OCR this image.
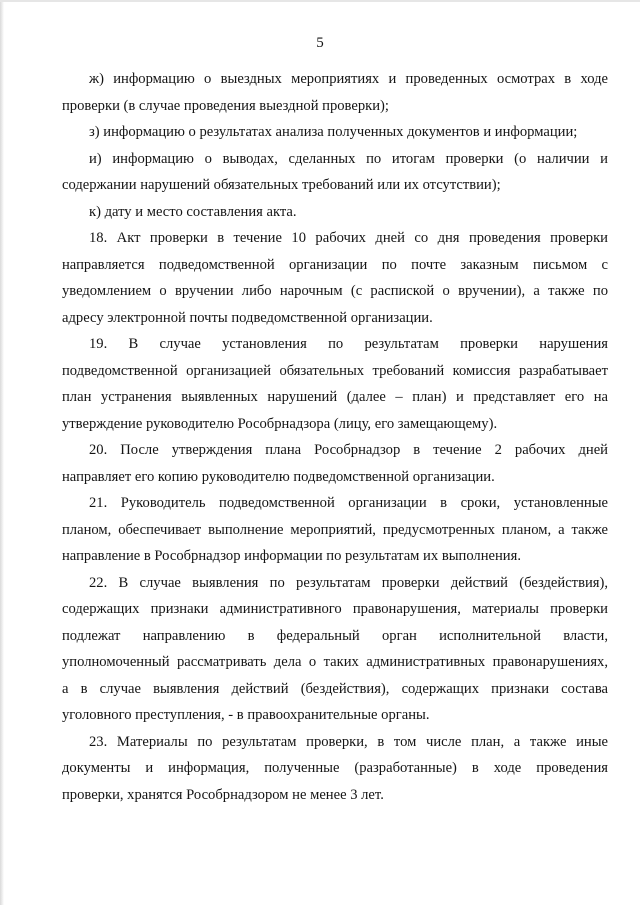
5
ж) информацию о выездных мероприятиях и проведенных осмотрах в ходе
проверки (в случае проведения выездной проверки);
з) информацию о результатах анализа полученных документов и информации;
и) информацию о выводах, сделанных по итогам проверки (о наличии и
содержании нарушений обязательных требований или их отсутствии);
к) дату и место составления акта.
18. Акт проверки в течение 10 рабочих дней со дня проведения проверки
направляется подведомственной организации по почте заказным письмом с
уведомлением о вручении либо нарочным (с распиской о вручении), а также по
адресу электронной почты подведомственной организации.
19. В случае установления по результатам проверки нарушения
подведомственной организацией обязательных требований комиссия разрабатывает
план устранения выявленных нарушений (далее – план) и представляет его на
утверждение руководителю Рособрнадзора (лицу, его замещающему).
20. После утверждения плана Рособрнадзор в течение 2 рабочих дней
направляет его копию руководителю подведомственной организации.
21. Руководитель подведомственной организации в сроки, установленные
планом, обеспечивает выполнение мероприятий, предусмотренных планом, а также
направление в Рособрнадзор информации по результатам их выполнения.
22. В случае выявления по результатам проверки действий (бездействия),
содержащих признаки административного правонарушения, материалы проверки
подлежат направлению в федеральный орган исполнительной власти,
уполномоченный рассматривать дела о таких административных правонарушениях,
а в случае выявления действий (бездействия), содержащих признаки состава
уголовного преступления, - в правоохранительные органы.
23. Материалы по результатам проверки, в том числе план, а также иные
документы и информация, полученные (разработанные) в ходе проведения
проверки, хранятся Рособрнадзором не менее 3 лет.
